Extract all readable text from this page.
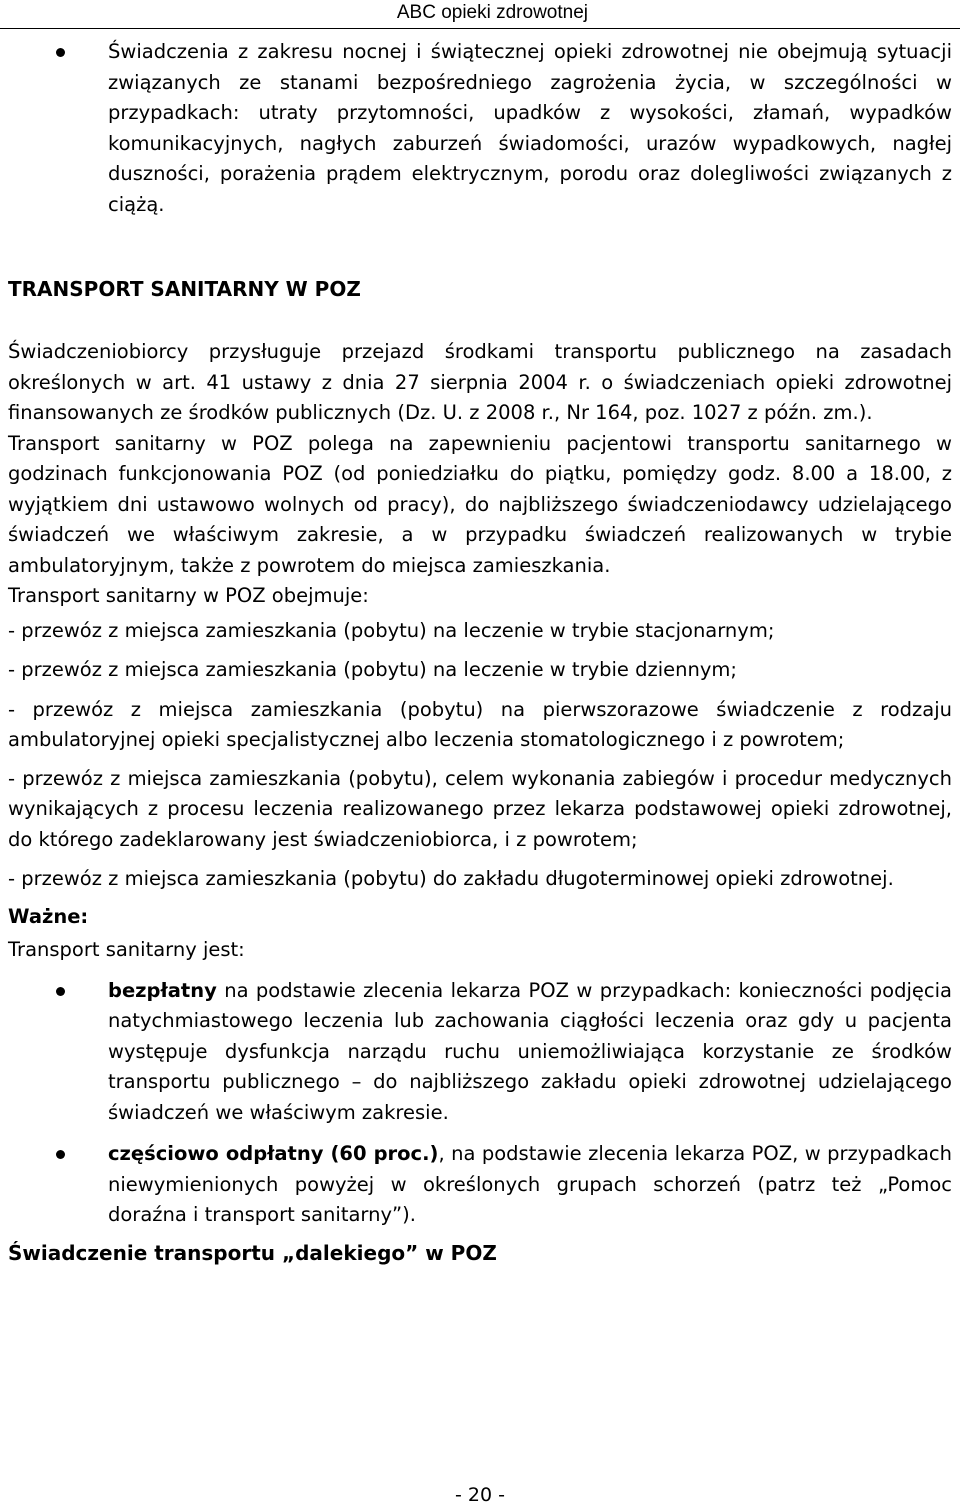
ABC opieki zdrowotnej
Świadczenia z zakresu nocnej i świątecznej opieki zdrowotnej nie obejmują sytuacji związanych ze stanami bezpośredniego zagrożenia życia, w szczególności w przypadkach: utraty przytomności, upadków z wysokości, złamań, wypadków komunikacyjnych, nagłych zaburzeń świadomości, urazów wypadkowych, nagłej duszności, porażenia prądem elektrycznym, porodu oraz dolegliwości związanych z ciążą.

TRANSPORT SANITARNY W POZ

Świadczeniobiorcy przysługuje przejazd środkami transportu publicznego na zasadach określonych w art. 41 ustawy z dnia 27 sierpnia 2004 r. o świadczeniach opieki zdrowotnej finansowanych ze środków publicznych (Dz. U. z 2008 r., Nr 164, poz. 1027 z późn. zm.).

Transport sanitarny w POZ polega na zapewnieniu pacjentowi transportu sanitarnego w godzinach funkcjonowania POZ (od poniedziałku do piątku, pomiędzy godz. 8.00 a 18.00, z wyjątkiem dni ustawowo wolnych od pracy), do najbliższego świadczeniodawcy udzielającego świadczeń we właściwym zakresie, a w przypadku świadczeń realizowanych w trybie ambulatoryjnym, także z powrotem do miejsca zamieszkania.

Transport sanitarny w POZ obejmuje:

- przewóz z miejsca zamieszkania (pobytu) na leczenie w trybie stacjonarnym;

- przewóz z miejsca zamieszkania (pobytu) na leczenie w trybie dziennym;

- przewóz z miejsca zamieszkania (pobytu) na pierwszorazowe świadczenie z rodzaju ambulatoryjnej opieki specjalistycznej albo leczenia stomatologicznego i z powrotem;

- przewóz z miejsca zamieszkania (pobytu), celem wykonania zabiegów i procedur medycznych wynikających z procesu leczenia realizowanego przez lekarza podstawowej opieki zdrowotnej, do którego zadeklarowany jest świadczeniobiorca, i z powrotem;

- przewóz z miejsca zamieszkania (pobytu) do zakładu długoterminowej opieki zdrowotnej.

Ważne:

Transport sanitarny jest:

bezpłatny na podstawie zlecenia lekarza POZ w przypadkach: konieczności podjęcia natychmiastowego leczenia lub zachowania ciągłości leczenia oraz gdy u pacjenta występuje dysfunkcja narządu ruchu uniemożliwiająca korzystanie ze środków transportu publicznego – do najbliższego zakładu opieki zdrowotnej udzielającego świadczeń we właściwym zakresie.
częściowo odpłatny (60 proc.), na podstawie zlecenia lekarza POZ, w przypadkach niewymienionych powyżej w określonych grupach schorzeń (patrz też „Pomoc doraźna i transport sanitarny”).

Świadczenie transportu „dalekiego” w POZ

- 20 -
